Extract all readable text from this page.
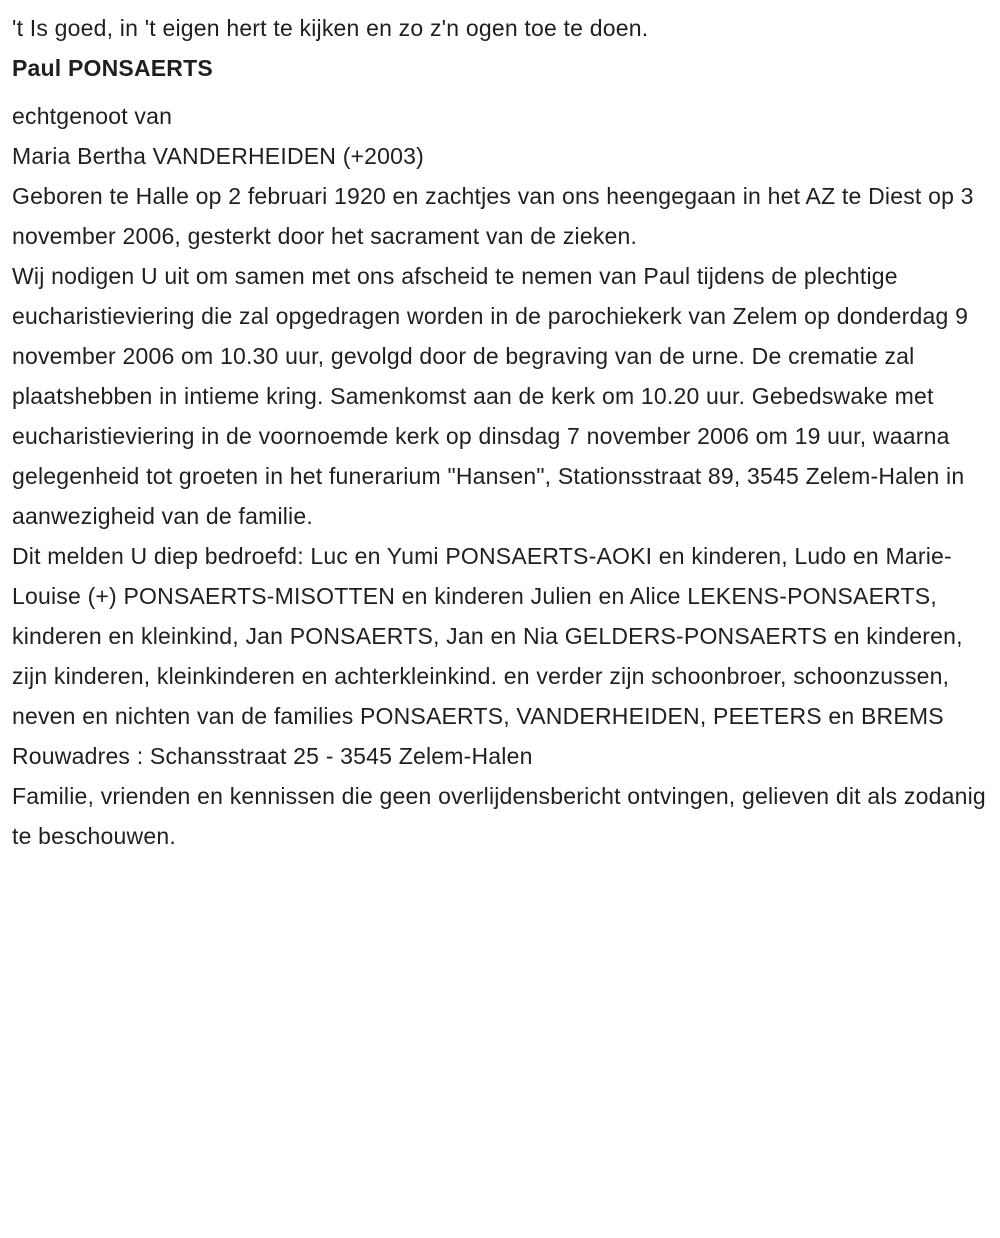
't Is goed, in 't eigen hert te kijken en zo z'n ogen toe te doen.

Paul PONSAERTS

echtgenoot van

Maria Bertha VANDERHEIDEN (+2003)

Geboren te Halle op 2 februari 1920 en zachtjes van ons heengegaan in het AZ te Diest op 3 november 2006, gesterkt door het sacrament van de zieken.

Wij nodigen U uit om samen met ons afscheid te nemen van Paul tijdens de plechtige eucharistieviering die zal opgedragen worden in de parochiekerk van Zelem op donderdag 9 november 2006 om 10.30 uur, gevolgd door de begraving van de urne. De crematie zal plaatshebben in intieme kring. Samenkomst aan de kerk om 10.20 uur. Gebedswake met eucharistieviering in de voornoemde kerk op dinsdag 7 november 2006 om 19 uur, waarna gelegenheid tot groeten in het funerarium "Hansen", Stationsstraat 89, 3545 Zelem-Halen in aanwezigheid van de familie.

Dit melden U diep bedroefd: Luc en Yumi PONSAERTS-AOKI en kinderen, Ludo en Marie-Louise (+) PONSAERTS-MISOTTEN en kinderen Julien en Alice LEKENS-PONSAERTS, kinderen en kleinkind, Jan PONSAERTS, Jan en Nia GELDERS-PONSAERTS en kinderen, zijn kinderen, kleinkinderen en achterkleinkind. en verder zijn schoonbroer, schoonzussen, neven en nichten van de families PONSAERTS, VANDERHEIDEN, PEETERS en BREMS

Rouwadres : Schansstraat 25 - 3545 Zelem-Halen

Familie, vrienden en kennissen die geen overlijdensbericht ontvingen, gelieven dit als zodanig te beschouwen.
